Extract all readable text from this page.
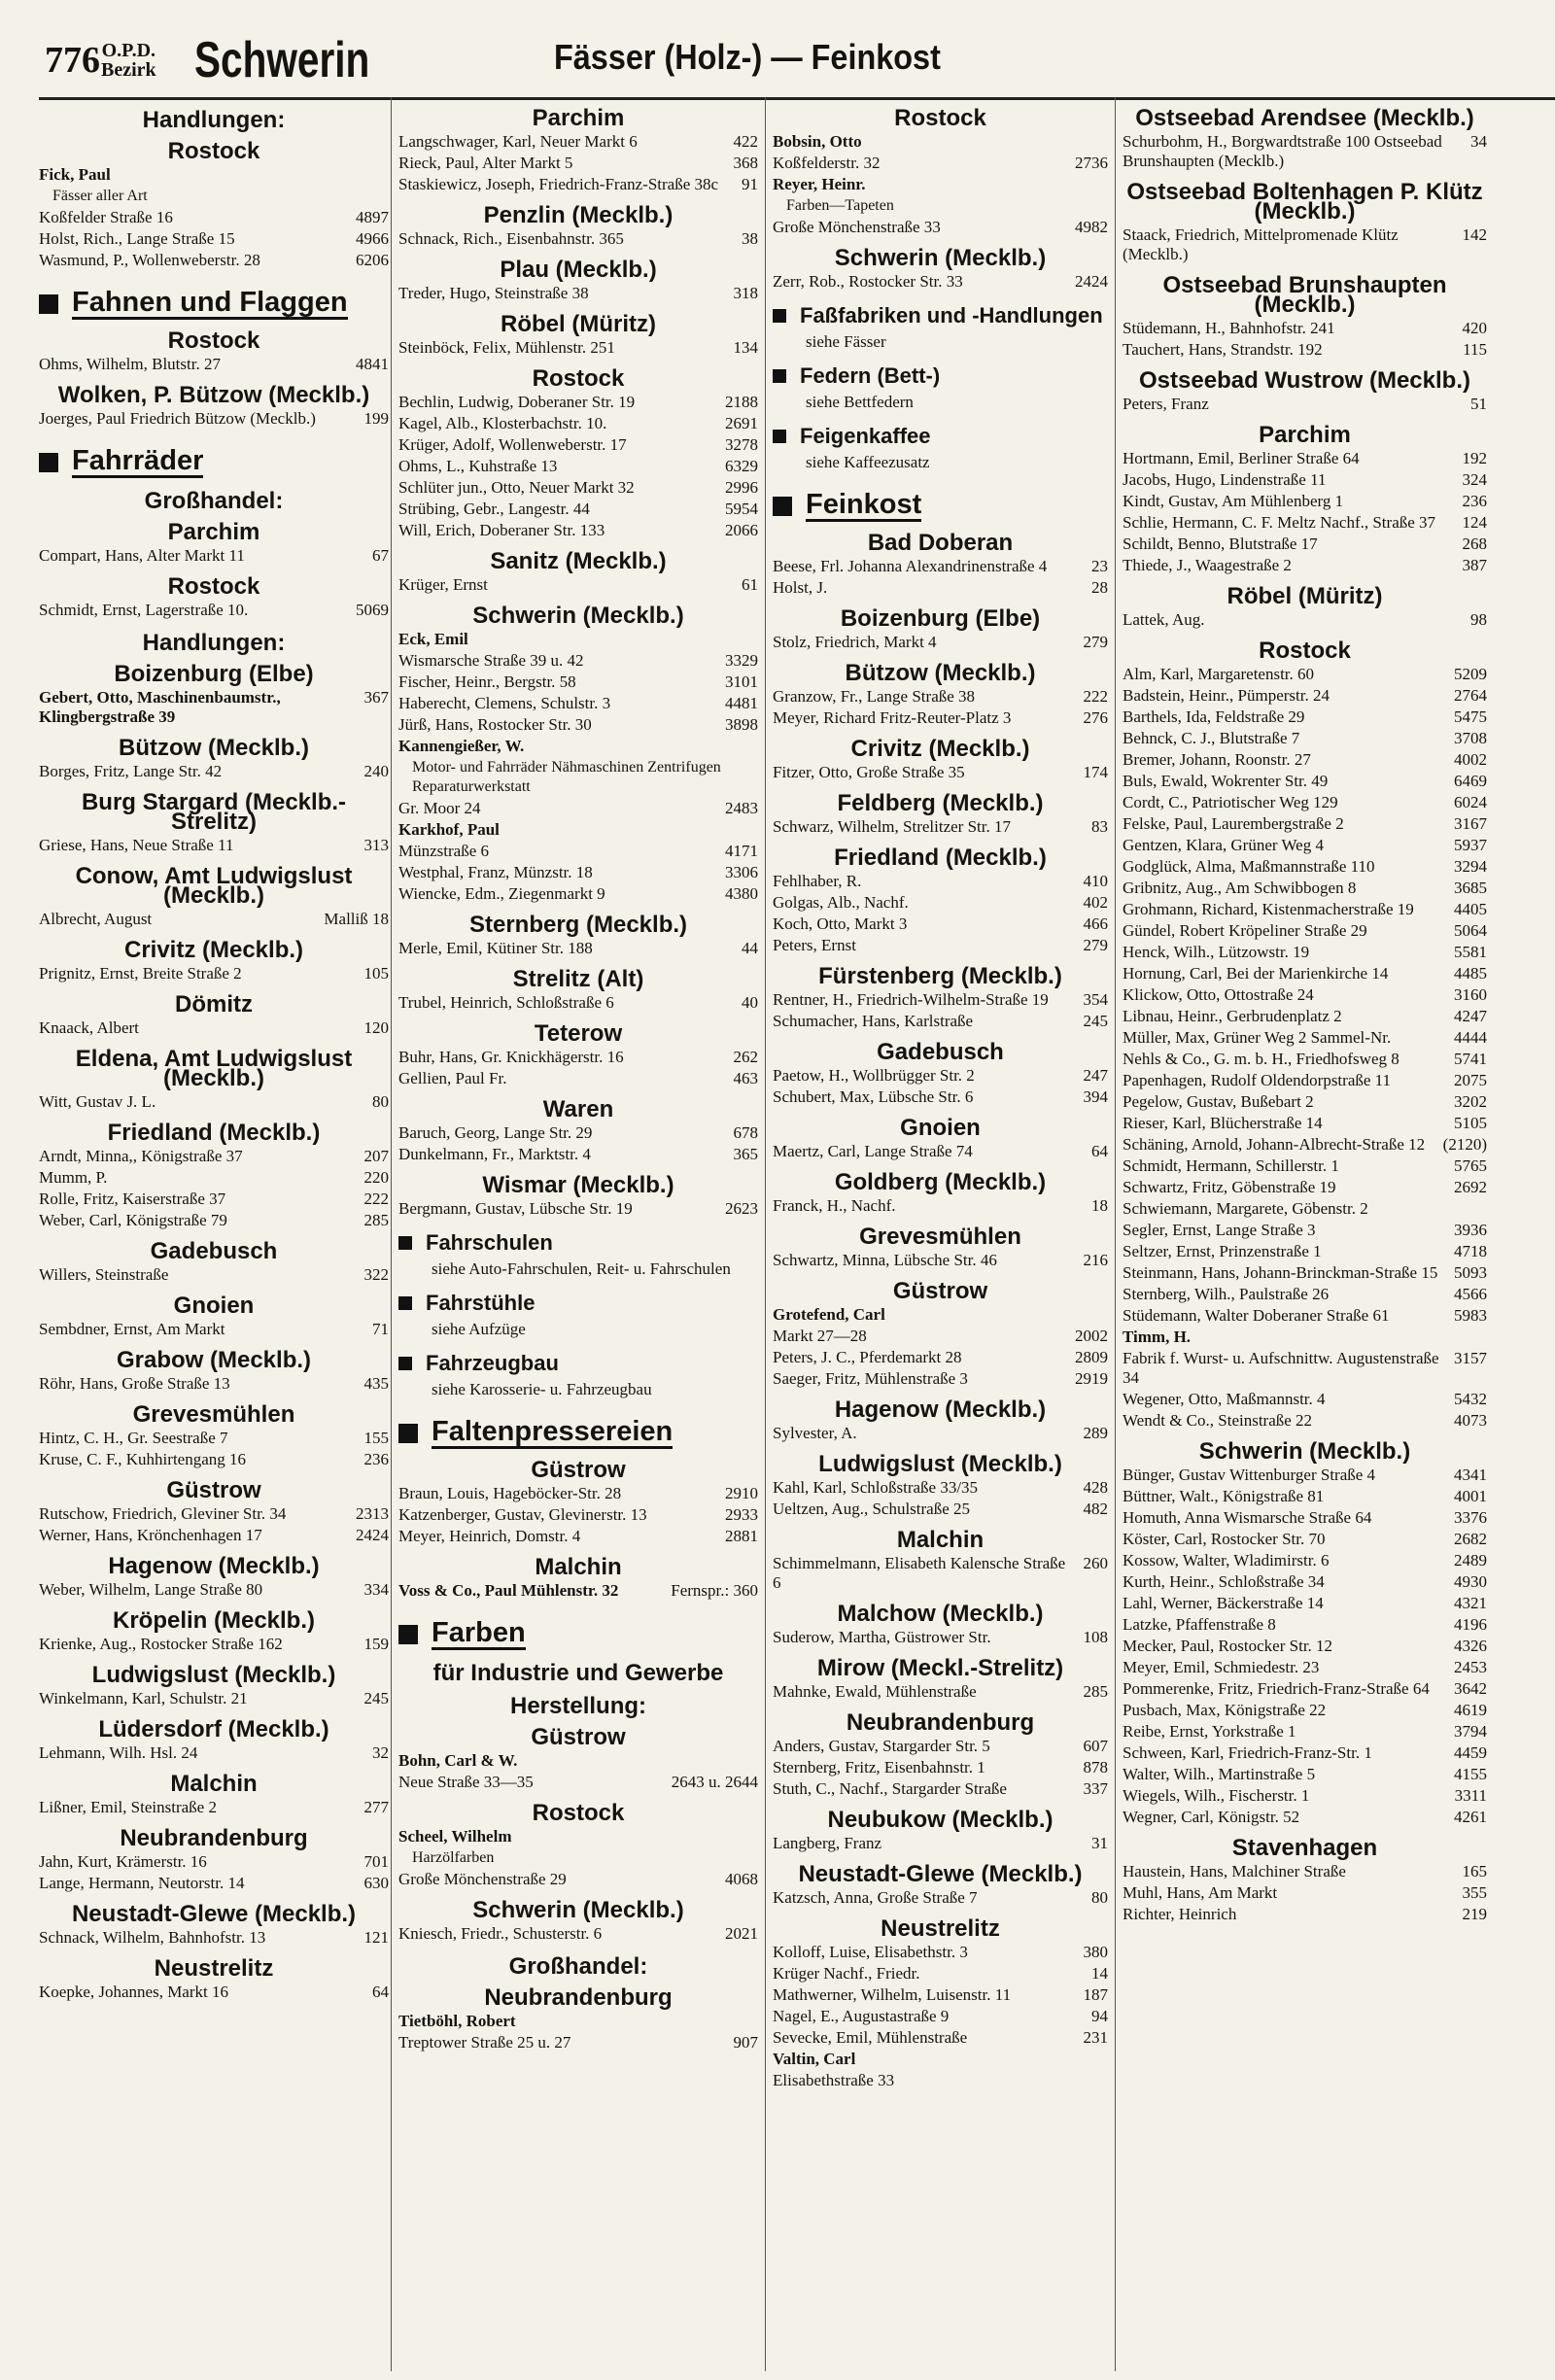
776 O.P.D.
Bezirk Schwerin	Fässer (Holz-) — Feinkost
Handlungen:
Rostock
Fick, Paul
Fässer aller Art
Koßfelder Straße 16	4897
Holst, Rich., Lange Straße 15	4966
Wasmund, P., Wollenweberstr. 28	6206
Fahnen und Flaggen
Rostock
Ohms, Wilhelm, Blutstr. 27	4841
Wolken, P. Bützow (Mecklb.)
Joerges, Paul Friedrich Bützow (Mecklb.)	199
Fahrräder
Großhandel:
Parchim
Compart, Hans, Alter Markt 11	67
Rostock
Schmidt, Ernst, Lagerstraße 10.	5069
Handlungen:
Boizenburg (Elbe)
Gebert, Otto, Maschinenbaumstr., Klingbergstraße 39
367
Bützow (Mecklb.)
Borges, Fritz, Lange Str. 42	240
Burg Stargard (Mecklb.-Strelitz)
Griese, Hans, Neue Straße 11	313
Conow, Amt Ludwigslust (Mecklb.)
Albrecht, August	Malliß 18
Crivitz (Mecklb.)
Prignitz, Ernst, Breite Straße 2	105
Dömitz
Knaack, Albert	120
Eldena, Amt Ludwigslust (Mecklb.)
Witt, Gustav J. L.	80
Friedland (Mecklb.)
Arndt, Minna,, Königstraße 37	207
Mumm, P.	220
Rolle, Fritz, Kaiserstraße 37	222
Weber, Carl, Königstraße 79	285
Gadebusch
Willers, Steinstraße	322
Gnoien
Sembdner, Ernst, Am Markt	71
Grabow (Mecklb.)
Röhr, Hans, Große Straße 13	435
Grevesmühlen
Hintz, C. H., Gr. Seestraße 7	155
Kruse, C. F., Kuhhirtengang 16	236
Güstrow
Rutschow, Friedrich, Gleviner Str. 34	2313
Werner, Hans, Krönchenhagen 17	2424
Hagenow (Mecklb.)
Weber, Wilhelm, Lange Straße 80	334
Kröpelin (Mecklb.)
Krienke, Aug., Rostocker Straße 162	159
Ludwigslust (Mecklb.)
Winkelmann, Karl, Schulstr. 21	245
Lüdersdorf (Mecklb.)
Lehmann, Wilh. Hsl. 24	32
Malchin
Lißner, Emil, Steinstraße 2	277
Neubrandenburg
Jahn, Kurt, Krämerstr. 16	701
Lange, Hermann, Neutorstr. 14	630
Neustadt-Glewe (Mecklb.)
Schnack, Wilhelm, Bahnhofstr. 13	121
Neustrelitz
Koepke, Johannes, Markt 16	64
Parchim
Langschwager, Karl, Neuer Markt 6	422
Rieck, Paul, Alter Markt 5	368
Staskiewicz, Joseph, Friedrich-Franz-Straße 38c	91
Penzlin (Mecklb.)
Schnack, Rich., Eisenbahnstr. 365	38
Plau (Mecklb.)
Treder, Hugo, Steinstraße 38	318
Röbel (Müritz)
Steinböck, Felix, Mühlenstr. 251	134
Rostock
Bechlin, Ludwig, Doberaner Str. 19	2188
Kagel, Alb., Klosterbachstr. 10.	2691
Krüger, Adolf, Wollenweberstr. 17	3278
Ohms, L., Kuhstraße 13	6329
Schlüter jun., Otto, Neuer Markt 32	2996
Strübing, Gebr., Langestr. 44	5954
Will, Erich, Doberaner Str. 133	2066
Sanitz (Mecklb.)
Krüger, Ernst	61
Schwerin (Mecklb.)
Eck, Emil
Wismarsche Straße 39 u. 42	3329
Fischer, Heinr., Bergstr. 58	3101
Haberecht, Clemens, Schulstr. 3	4481
Jürß, Hans, Rostocker Str. 30	3898
Kannengießer, W.
Motor- und Fahrräder Nähmaschinen Zentrifugen Reparaturwerkstatt
Gr. Moor 24	2483
Karkhof, Paul
Münzstraße 6	4171
Westphal, Franz, Münzstr. 18	3306
Wiencke, Edm., Ziegenmarkt 9	4380
Sternberg (Mecklb.)
Merle, Emil, Kütiner Str. 188	44
Strelitz (Alt)
Trubel, Heinrich, Schloßstraße 6	40
Teterow
Buhr, Hans, Gr. Knickhägerstr. 16	262
Gellien, Paul Fr.	463
Waren
Baruch, Georg, Lange Str. 29	678
Dunkelmann, Fr., Marktstr. 4	365
Wismar (Mecklb.)
Bergmann, Gustav, Lübsche Str. 19	2623
Fahrschulen
siehe Auto-Fahrschulen, Reit- u. Fahrschulen
Fahrstühle
siehe Aufzüge
Fahrzeugbau
siehe Karosserie- u. Fahrzeugbau
Faltenpressereien
Güstrow
Braun, Louis, Hageböcker-Str. 28	2910
Katzenberger, Gustav, Glevinerstr. 13	2933
Meyer, Heinrich, Domstr. 4	2881
Malchin
Voss & Co., Paul Mühlenstr. 32	Fernspr.: 360
Farben
für Industrie und Gewerbe
Herstellung:
Güstrow
Bohn, Carl & W.
Neue Straße 33—35	2643 u. 2644
Rostock
Scheel, Wilhelm
Harzölfarben
Große Mönchenstraße 29	4068
Schwerin (Mecklb.)
Kniesch, Friedr., Schusterstr. 6	2021
Großhandel:
Neubrandenburg
Tietböhl, Robert
Treptower Straße 25 u. 27	907
Rostock
Bobsin, Otto
Koßfelderstr. 32	2736
Reyer, Heinr.
Farben—Tapeten
Große Mönchenstraße 33	4982
Schwerin (Mecklb.)
Zerr, Rob., Rostocker Str. 33	2424
Faßfabriken und -Handlungen
siehe Fässer
Federn (Bett-)
siehe Bettfedern
Feigenkaffee
siehe Kaffeezusatz
Feinkost
Bad Doberan
Beese, Frl. Johanna Alexandrinenstraße 4	23
Holst, J.	28
Boizenburg (Elbe)
Stolz, Friedrich, Markt 4	279
Bützow (Mecklb.)
Granzow, Fr., Lange Straße 38	222
Meyer, Richard Fritz-Reuter-Platz 3	276
Crivitz (Mecklb.)
Fitzer, Otto, Große Straße 35	174
Feldberg (Mecklb.)
Schwarz, Wilhelm, Strelitzer Str. 17	83
Friedland (Mecklb.)
Fehlhaber, R.	410
Golgas, Alb., Nachf.	402
Koch, Otto, Markt 3	466
Peters, Ernst	279
Fürstenberg (Mecklb.)
Rentner, H., Friedrich-Wilhelm-Straße 19	354
Schumacher, Hans, Karlstraße	245
Gadebusch
Paetow, H., Wollbrügger Str. 2	247
Schubert, Max, Lübsche Str. 6	394
Gnoien
Maertz, Carl, Lange Straße 74	64
Goldberg (Mecklb.)
Franck, H., Nachf.	18
Grevesmühlen
Schwartz, Minna, Lübsche Str. 46	216
Güstrow
Grotefend, Carl
Markt 27—28	2002
Peters, J. C., Pferdemarkt 28	2809
Saeger, Fritz, Mühlenstraße 3	2919
Hagenow (Mecklb.)
Sylvester, A.	289
Ludwigslust (Mecklb.)
Kahl, Karl, Schloßstraße 33/35	428
Ueltzen, Aug., Schulstraße 25	482
Malchin
Schimmelmann, Elisabeth Kalensche Straße 6
260
Malchow (Mecklb.)
Suderow, Martha, Güstrower Str.	108
Mirow (Meckl.-Strelitz)
Mahnke, Ewald, Mühlenstraße	285
Neubrandenburg
Anders, Gustav, Stargarder Str. 5	607
Sternberg, Fritz, Eisenbahnstr. 1	878
Stuth, C., Nachf., Stargarder Straße	337
Neubukow (Mecklb.)
Langberg, Franz	31
Neustadt-Glewe (Mecklb.)
Katzsch, Anna, Große Straße 7	80
Neustrelitz
Kolloff, Luise, Elisabethstr. 3	380
Krüger Nachf., Friedr.	14
Mathwerner, Wilhelm, Luisenstr. 11	187
Nagel, E., Augustastraße 9	94
Sevecke, Emil, Mühlenstraße	231
Valtin, Carl
Elisabethstraße 33
Ostseebad Arendsee (Mecklb.)
Schurbohm, H., Borgwardtstraße 100 Ostseebad Brunshaupten (Mecklb.)
34
Ostseebad Boltenhagen P. Klütz (Mecklb.)
Staack, Friedrich, Mittelpromenade Klütz (Mecklb.)
142
Ostseebad Brunshaupten (Mecklb.)
Stüdemann, H., Bahnhofstr. 241	420
Tauchert, Hans, Strandstr. 192	115
Ostseebad Wustrow (Mecklb.)
Peters, Franz	51
Parchim
Hortmann, Emil, Berliner Straße 64	192
Jacobs, Hugo, Lindenstraße 11	324
Kindt, Gustav, Am Mühlenberg 1	236
Schlie, Hermann, C. F. Meltz Nachf., Straße 37	124
Schildt, Benno, Blutstraße 17	268
Thiede, J., Waagestraße 2	387
Röbel (Müritz)
Lattek, Aug.	98
Rostock
Alm, Karl, Margaretenstr. 60	5209
Badstein, Heinr., Pümperstr. 24	2764
Barthels, Ida, Feldstraße 29	5475
Behnck, C. J., Blutstraße 7	3708
Bremer, Johann, Roonstr. 27	4002
Buls, Ewald, Wokrenter Str. 49	6469
Cordt, C., Patriotischer Weg 129	6024
Felske, Paul, Laurembergstraße 2	3167
Gentzen, Klara, Grüner Weg 4	5937
Godglück, Alma, Maßmannstraße 110	3294
Gribnitz, Aug., Am Schwibbogen 8	3685
Grohmann, Richard, Kistenmacherstraße 19	4405
Gündel, Robert Kröpeliner Straße 29	5064
Henck, Wilh., Lützowstr. 19	5581
Hornung, Carl, Bei der Marienkirche 14	4485
Klickow, Otto, Ottostraße 24	3160
Libnau, Heinr., Gerbrudenplatz 2	4247
Müller, Max, Grüner Weg 2 Sammel-Nr.	4444
Nehls & Co., G. m. b. H., Friedhofsweg 8	5741
Papenhagen, Rudolf Oldendorpstraße 11	2075
Pegelow, Gustav, Bußebart 2	3202
Rieser, Karl, Blücherstraße 14	5105
Schäning, Arnold, Johann-Albrecht-Straße 12	(2120)
Schmidt, Hermann, Schillerstr. 1	5765
Schwartz, Fritz, Göbenstraße 19	2692
Schwiemann, Margarete, Göbenstr. 2
Segler, Ernst, Lange Straße 3	3936
Seltzer, Ernst, Prinzenstraße 1	4718
Steinmann, Hans, Johann-Brinckman-Straße 15 5093
Sternberg, Wilh., Paulstraße 26	4566
Stüdemann, Walter Doberaner Straße 61	5983
Timm, H.
Fabrik f. Wurst- u. Aufschnittw. Augustenstraße 34
3157
Wegener, Otto, Maßmannstr. 4	5432
Wendt & Co., Steinstraße 22	4073
Schwerin (Mecklb.)
Bünger, Gustav Wittenburger Straße 4	4341
Büttner, Walt., Königstraße 81	4001
Homuth, Anna Wismarsche Straße 64	3376
Köster, Carl, Rostocker Str. 70	2682
Kossow, Walter, Wladimirstr. 6	2489
Kurth, Heinr., Schloßstraße 34	4930
Lahl, Werner, Bäckerstraße 14	4321
Latzke, Pfaffenstraße 8	4196
Mecker, Paul, Rostocker Str. 12	4326
Meyer, Emil, Schmiedestr. 23	2453
Pommerenke, Fritz, Friedrich-Franz-Straße 64	3642
Pusbach, Max, Königstraße 22	4619
Reibe, Ernst, Yorkstraße 1	3794
Schween, Karl, Friedrich-Franz-Str. 1	4459
Walter, Wilh., Martinstraße 5	4155
Wiegels, Wilh., Fischerstr. 1	3311
Wegner, Carl, Königstr. 52	4261
Stavenhagen
Haustein, Hans, Malchiner Straße	165
Muhl, Hans, Am Markt	355
Richter, Heinrich	219
